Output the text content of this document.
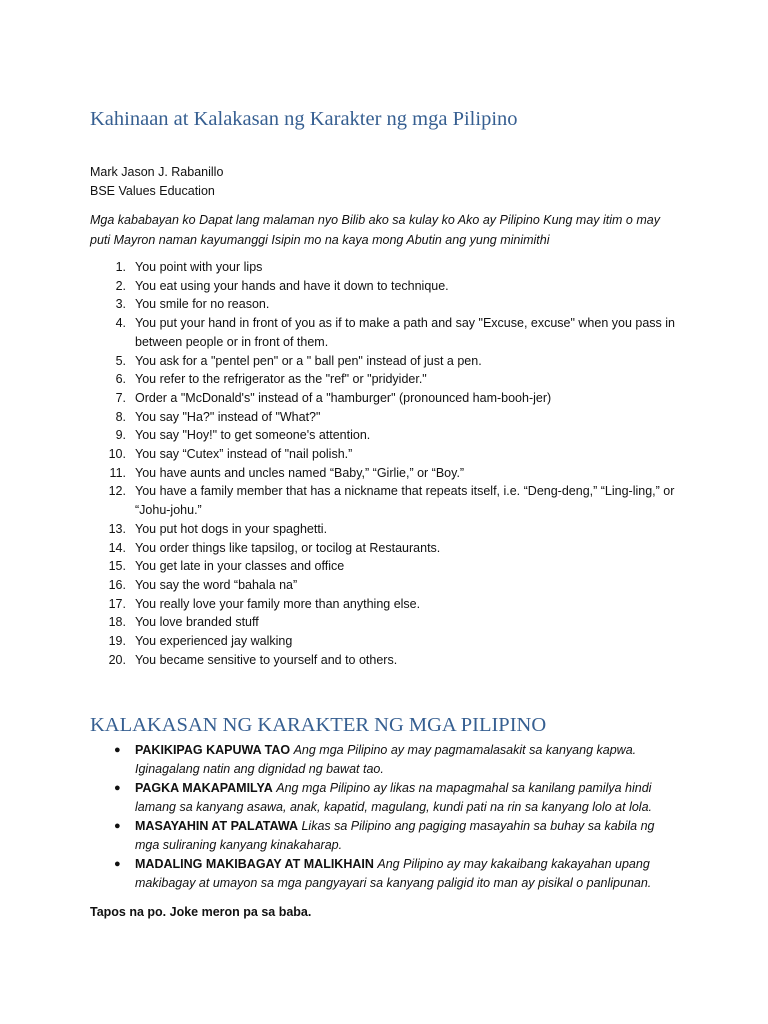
Kahinaan at Kalakasan ng Karakter ng mga Pilipino
Mark Jason J. Rabanillo
BSE Values Education

Mga kababayan ko Dapat lang malaman nyo Bilib ako sa kulay ko Ako ay Pilipino Kung may itim o may puti Mayron naman kayumanggi Isipin mo na kaya mong Abutin ang yung minimithi

1. You point with your lips
2. You eat using your hands and have it down to technique.
3. You smile for no reason.
4. You put your hand in front of you as if to make a path and say "Excuse, excuse" when you pass in between people or in front of them.
5. You ask for a "pentel pen" or a " ball pen" instead of just a pen.
6. You refer to the refrigerator as the "ref" or "pridyider."
7. Order a "McDonald's" instead of a "hamburger" (pronounced ham-booh-jer)
8. You say "Ha?" instead of "What?"
9. You say "Hoy!" to get someone's attention.
10. You say “Cutex” instead of "nail polish.”
11. You have aunts and uncles named “Baby,” “Girlie,” or “Boy.”
12. You have a family member that has a nickname that repeats itself, i.e. “Deng-deng,” “Ling-ling,” or “Johu-johu.”
13. You put hot dogs in your spaghetti.
14. You order things like tapsilog, or tocilog at Restaurants.
15. You get late in your classes and office
16. You say the word “bahala na”
17. You really love your family more than anything else.
18. You love branded stuff
19. You experienced jay walking
20. You became sensitive to yourself and to others.
KALAKASAN NG KARAKTER NG MGA PILIPINO
● PAKIKIPAG KAPUWA TAO Ang mga Pilipino ay may pagmamalasakit sa kanyang kapwa. Iginagalang natin ang dignidad ng bawat tao.
● PAGKA MAKAPAMILYA Ang mga Pilipino ay likas na mapagmahal sa kanilang pamilya hindi lamang sa kanyang asawa, anak, kapatid, magulang, kundi pati na rin sa kanyang lolo at lola.
● MASAYAHIN AT PALATAWA Likas sa Pilipino ang pagiging masayahin sa buhay sa kabila ng mga suliraning kanyang kinakaharap.
● MADALING MAKIBAGAY AT MALIKHAIN Ang Pilipino ay may kakaibang kakayahan upang makibagay at umayon sa mga pangyayari sa kanyang paligid ito man ay pisikal o panlipunan.
Tapos na po. Joke meron pa sa baba.
